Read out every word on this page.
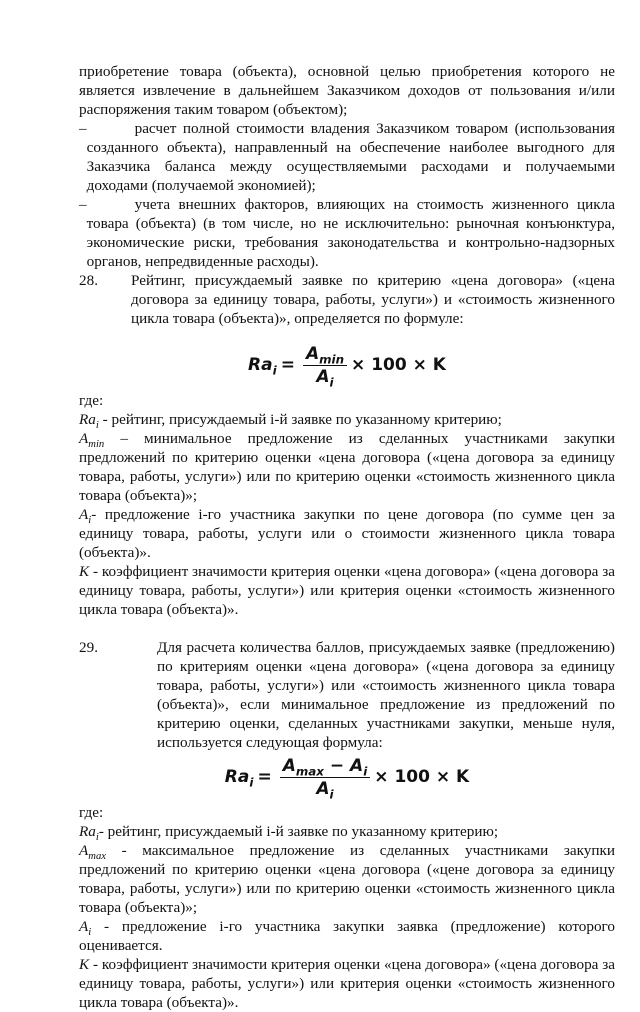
приобретение товара (объекта), основной целью приобретения которого не является извлечение в дальнейшем Заказчиком доходов от пользования и/или распоряжения таким товаром (объектом);

–	расчет полной стоимости владения Заказчиком товаром (использования созданного объекта), направленный на обеспечение наиболее выгодного для Заказчика баланса между осуществляемыми расходами и получаемыми доходами (получаемой экономией);
–	учета внешних факторов, влияющих на стоимость жизненного цикла товара (объекта) (в том числе, но не исключительно: рыночная конъюнктура, экономические риски, требования законодательства и контрольно-надзорных органов, непредвиденные расходы).
28.	Рейтинг, присуждаемый заявке по критерию «цена договора» («цена договора за единицу товара, работы, услуги») и «стоимость жизненного цикла товара (объекта)», определяется по формуле:
$Ra_i = \frac{A_{min}}{A_i} \times 100 \times K$

где:

$Ra_i$ - рейтинг, присуждаемый i-й заявке по указанному критерию;

$A_{min}$ – минимальное предложение из сделанных участниками закупки предложений по критерию оценки «цена договора («цена договора за единицу товара, работы, услуги») или по критерию оценки «стоимость жизненного цикла товара (объекта)»;

$A_i-$ предложение i-го участника закупки по цене договора (по сумме цен за единицу товара, работы, услуги или о стоимости жизненного цикла товара (объекта)».

K - коэффициент значимости критерия оценки «цена договора» («цена договора за единицу товара, работы, услуги») или критерия оценки «стоимость жизненного цикла товара (объекта)».

29.	Для расчета количества баллов, присуждаемых заявке (предложению) по критериям оценки «цена договора» («цена договора за единицу товара, работы, услуги») или «стоимость жизненного цикла товара (объекта)», если минимальное предложение из предложений по критерию оценки, сделанных участниками закупки, меньше нуля, используется следующая формула:
$Ra_i = \frac{A_{max} - A_i}{A_i} \times 100 \times K$

где:

$Ra_i-$ рейтинг, присуждаемый i-й заявке по указанному критерию;

$A_{max}$ - максимальное предложение из сделанных участниками закупки предложений по критерию оценки «цена договора («цене договора за единицу товара, работы, услуги») или по критерию оценки «стоимость жизненного цикла товара (объекта)»;

$A_i$ - предложение i-го участника закупки заявка (предложение) которого оценивается.

K - коэффициент значимости критерия оценки «цена договора» («цена договора за единицу товара, работы, услуги») или критерия оценки «стоимость жизненного цикла товара (объекта)».
